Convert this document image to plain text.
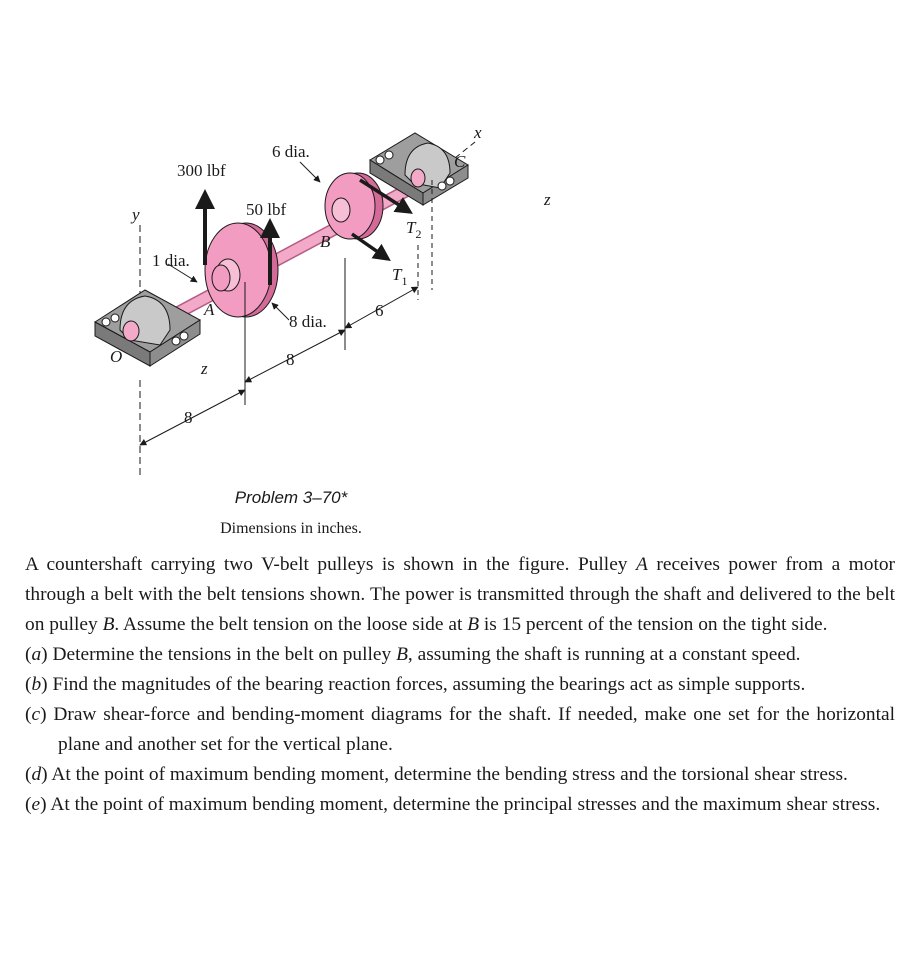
300 lbf
50 lbf
6 dia.
8 dia.
1 dia.
A
B
C
O
x
y
z
z
$T_1$
$T_2$
8
8
6
Problem 3–70*
Dimensions in inches.

A countershaft carrying two V-belt pulleys is shown in the figure. Pulley A receives power from a motor through a belt with the belt tensions shown. The power is transmitted through the shaft and delivered to the belt on pulley B. Assume the belt tension on the loose side at B is 15 percent of the tension on the tight side.

(a) Determine the tensions in the belt on pulley B, assuming the shaft is running at a constant speed.

(b) Find the magnitudes of the bearing reaction forces, assuming the bearings act as simple supports.

(c) Draw shear-force and bending-moment diagrams for the shaft. If needed, make one set for the horizontal plane and another set for the vertical plane.

(d) At the point of maximum bending moment, determine the bending stress and the torsional shear stress.

(e) At the point of maximum bending moment, determine the principal stresses and the maximum shear stress.
